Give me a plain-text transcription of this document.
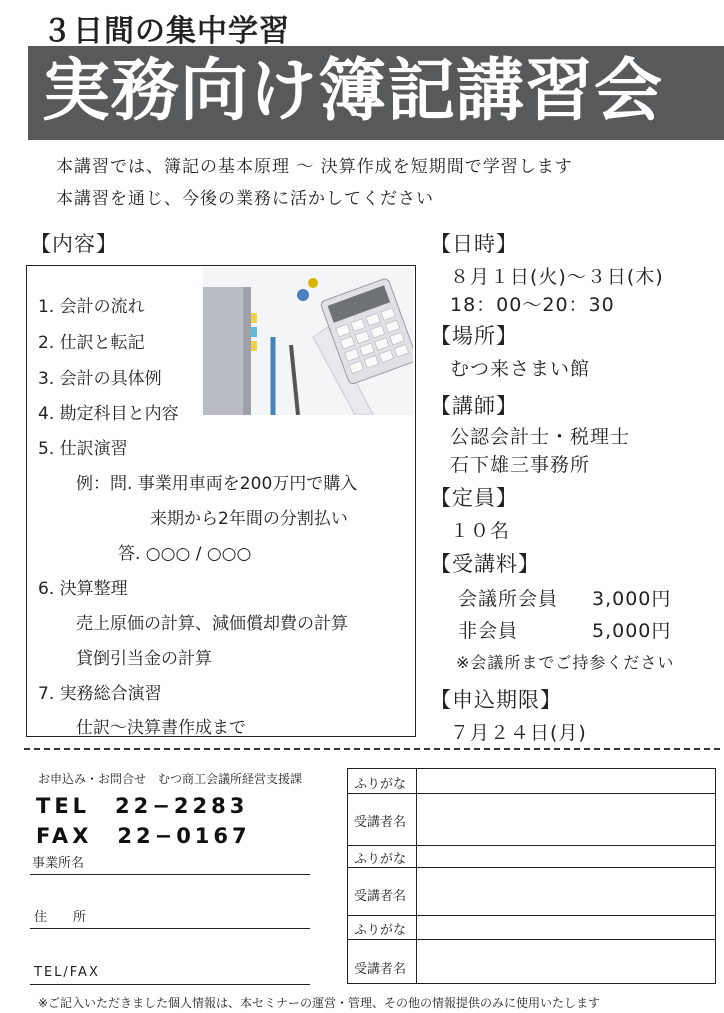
３日間の集中学習
実務向け簿記講習会
本講習では、簿記の基本原理 〜 決算作成を短期間で学習します
本講習を通じ、今後の業務に活かしてください
【内容】
1. 会計の流れ
2. 仕訳と転記
3. 会計の具体例
4. 勘定科目と内容
5. 仕訳演習
例：問. 事業用車両を200万円で購入
来期から2年間の分割払い
答. ○○○ / ○○○
6. 決算整理
売上原価の計算、減価償却費の計算
貸倒引当金の計算
7. 実務総合演習
仕訳〜決算書作成まで
【日時】
８月１日(火)〜３日(木)
18：00〜20：30
【場所】
むつ来さまい館
【講師】
公認会計士・税理士
石下雄三事務所
【定員】
１０名
【受講料】
会議所会員 3,000円
非会員	5,000円
※会議所までご持参ください
【申込期限】
７月２４日(月)
お申込み・お問合せ　むつ商工会議所経営支援課
TEL　22−2283
FAX　22−0167
事業所名
住　　所
TEL/FAX
ふりがな
受講者名
ふりがな
受講者名
ふりがな
受講者名
※ご記入いただきました個人情報は、本セミナーの運営・管理、その他の情報提供のみに使用いたします
